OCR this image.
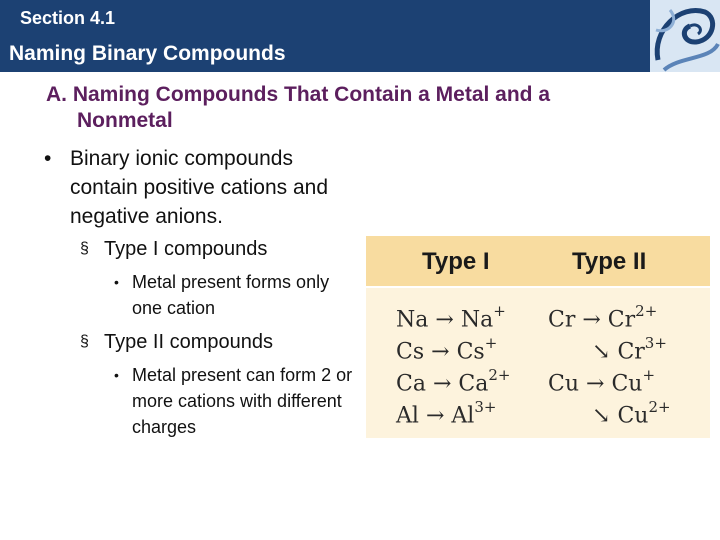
Section 4.1
Naming Binary Compounds
A. Naming Compounds That Contain a Metal and a
Nonmetal
• Binary ionic compounds contain positive cations and negative anions.
§ Type I compounds
• Metal present forms only one cation
§ Type II compounds
• Metal present can form 2 or more cations with different charges
Type I	Type II
Na → Na+
Cs → Cs+
$Ca \to Ca^{2+}$
$Al \to Al^{3+}$
$Cr \to Cr^{2+}$
↘ $Cr^{3+}$
Cu → Cu+
↘ $Cu^{2+}$
